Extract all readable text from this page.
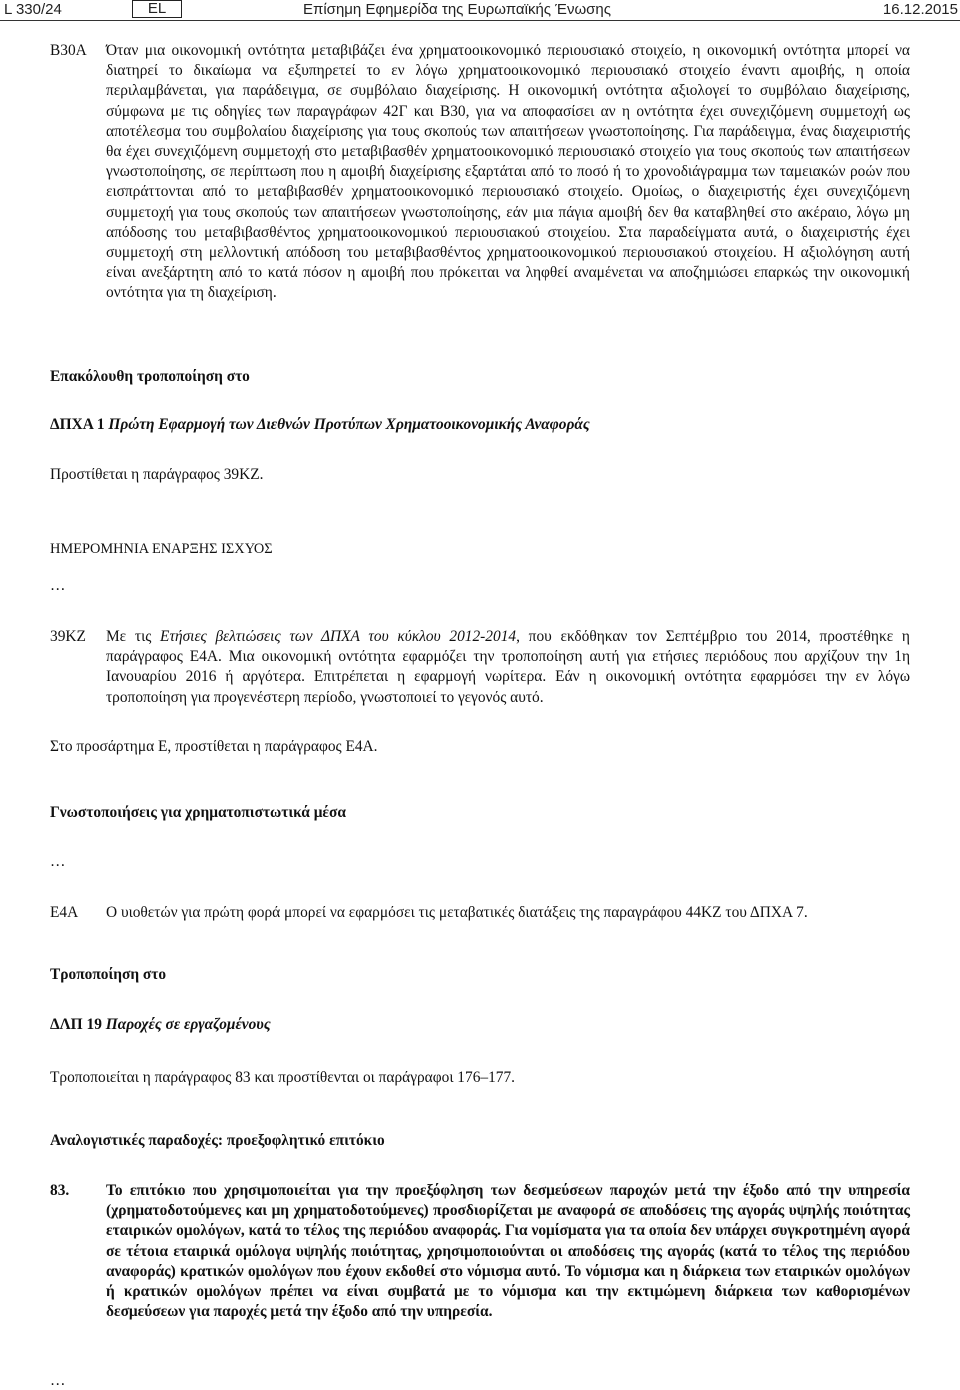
L 330/24	EL	Επίσημη Εφημερίδα της Ευρωπαϊκής Ένωσης	16.12.2015
B30A Όταν μια οικονομική οντότητα μεταβιβάζει ένα χρηματοοικονομικό περιουσιακό στοιχείο, η οικονομική οντότητα μπορεί να διατηρεί το δικαίωμα να εξυπηρετεί το εν λόγω χρηματοοικονομικό περιουσιακό στοιχείο έναντι αμοιβής, η οποία περιλαμβάνεται, για παράδειγμα, σε συμβόλαιο διαχείρισης. Η οικονομική οντότητα αξιολογεί το συμβόλαιο διαχείρισης, σύμφωνα με τις οδηγίες των παραγράφων 42Γ και B30, για να αποφασίσει αν η οντότητα έχει συνεχιζόμενη συμμετοχή ως αποτέλεσμα του συμβολαίου διαχείρισης για τους σκοπούς των απαιτήσεων γνωστοποίησης. Για παράδειγμα, ένας διαχειριστής θα έχει συνεχιζόμενη συμμετοχή στο μεταβιβασθέν χρηματοοικονομικό περιουσιακό στοιχείο για τους σκοπούς των απαιτήσεων γνωστοποίησης, σε περίπτωση που η αμοιβή διαχείρισης εξαρτάται από το ποσό ή το χρονοδιάγραμμα των ταμειακών ροών που εισπράττονται από το μεταβιβασθέν χρηματοοικονομικό περιουσιακό στοιχείο. Ομοίως, ο διαχειριστής έχει συνεχιζόμενη συμμετοχή για τους σκοπούς των απαιτήσεων γνωστοποίησης, εάν μια πάγια αμοιβή δεν θα καταβληθεί στο ακέραιο, λόγω μη απόδοσης του μεταβιβασθέντος χρηματοοικονομικού περιουσιακού στοιχείου. Στα παραδείγματα αυτά, ο διαχειριστής έχει συμμετοχή στη μελλοντική απόδοση του μεταβιβασθέντος χρηματοοικονομικού περιουσιακού στοιχείου. Η αξιολόγηση αυτή είναι ανεξάρτητη από το κατά πόσον η αμοιβή που πρόκειται να ληφθεί αναμένεται να αποζημιώσει επαρκώς την οικονομική οντότητα για τη διαχείριση.
Επακόλουθη τροποποίηση στο
ΔΠΧΑ 1 Πρώτη Εφαρμογή των Διεθνών Προτύπων Χρηματοοικονομικής Αναφοράς
Προστίθεται η παράγραφος 39ΚΖ.
ΗΜΕΡΟΜΗΝΙΑ ΕΝΑΡΞΗΣ ΙΣΧΥΟΣ
…
39ΚΖ Με τις Ετήσιες βελτιώσεις των ΔΠΧΑ του κύκλου 2012-2014, που εκδόθηκαν τον Σεπτέμβριο του 2014, προστέθηκε η παράγραφος Ε4Α. Μια οικονομική οντότητα εφαρμόζει την τροποποίηση αυτή για ετήσιες περιόδους που αρχίζουν την 1η Ιανουαρίου 2016 ή αργότερα. Επιτρέπεται η εφαρμογή νωρίτερα. Εάν η οικονομική οντότητα εφαρμόσει την εν λόγω τροποποίηση για προγενέστερη περίοδο, γνωστοποιεί το γεγονός αυτό.
Στο προσάρτημα Ε, προστίθεται η παράγραφος Ε4Α.
Γνωστοποιήσεις για χρηματοπιστωτικά μέσα
…
Ε4Α Ο υιοθετών για πρώτη φορά μπορεί να εφαρμόσει τις μεταβατικές διατάξεις της παραγράφου 44ΚΖ του ΔΠΧΑ 7.
Τροποποίηση στο
ΔΛΠ 19 Παροχές σε εργαζομένους
Τροποποιείται η παράγραφος 83 και προστίθενται οι παράγραφοι 176–177.
Αναλογιστικές παραδοχές: προεξοφλητικό επιτόκιο
83. Το επιτόκιο που χρησιμοποιείται για την προεξόφληση των δεσμεύσεων παροχών μετά την έξοδο από την υπηρεσία (χρηματοδοτούμενες και μη χρηματοδοτούμενες) προσδιορίζεται με αναφορά σε αποδόσεις της αγοράς υψηλής ποιότητας εταιρικών ομολόγων, κατά το τέλος της περιόδου αναφοράς. Για νομίσματα για τα οποία δεν υπάρχει συγκροτημένη αγορά σε τέτοια εταιρικά ομόλογα υψηλής ποιότητας, χρησιμοποιούνται οι αποδόσεις της αγοράς (κατά το τέλος της περιόδου αναφοράς) κρατικών ομολόγων που έχουν εκδοθεί στο νόμισμα αυτό. Το νόμισμα και η διάρκεια των εταιρικών ομολόγων ή κρατικών ομολόγων πρέπει να είναι συμβατά με το νόμισμα και την εκτιμώμενη διάρκεια των καθορισμένων δεσμεύσεων για παροχές μετά την έξοδο από την υπηρεσία.
…
